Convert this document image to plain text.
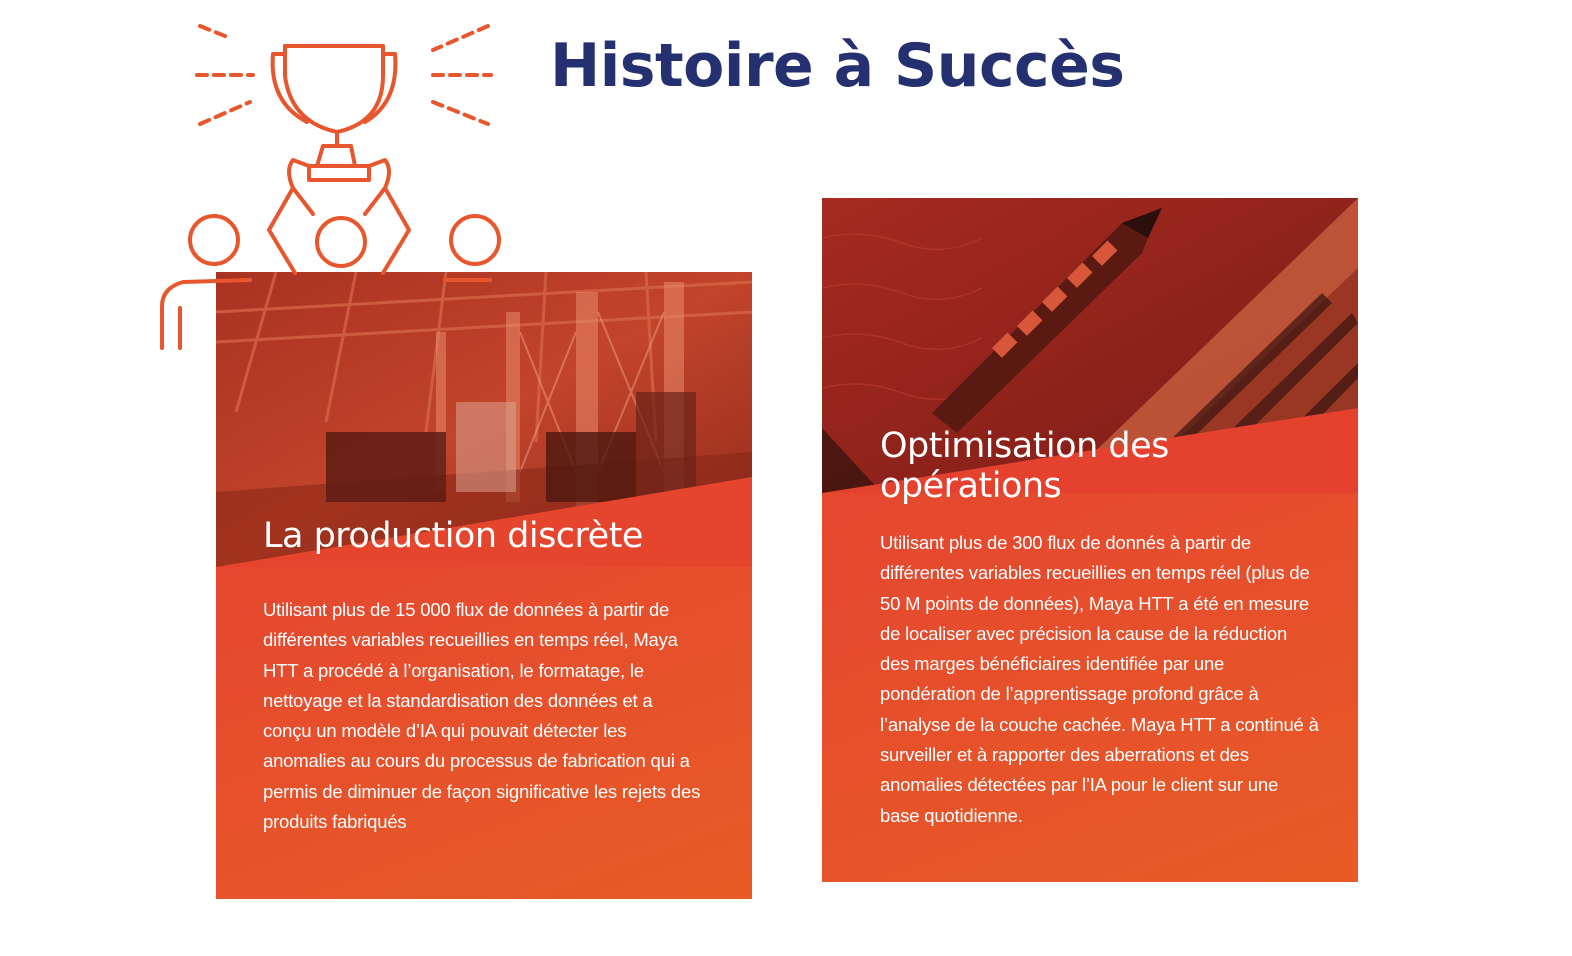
Histoire à Succès
La production discrète

Utilisant plus de 15 000 flux de données à partir de différentes variables recueillies en temps réel, Maya HTT a procédé à l’organisation, le formatage, le nettoyage et la standardisation des données et a conçu un modèle d’IA qui pouvait détecter les anomalies au cours du processus de fabrication qui a permis de diminuer de façon significative les rejets des produits fabriqués

Optimisation des opérations

Utilisant plus de 300 flux de donnés à partir de différentes variables recueillies en temps réel (plus de 50 M points de données), Maya HTT a été en mesure de localiser avec précision la cause de la réduction des marges bénéficiaires identifiée par une pondération de l’apprentissage profond grâce à l’analyse de la couche cachée. Maya HTT a continué à surveiller et à rapporter des aberrations et des anomalies détectées par l’IA pour le client sur une base quotidienne.
